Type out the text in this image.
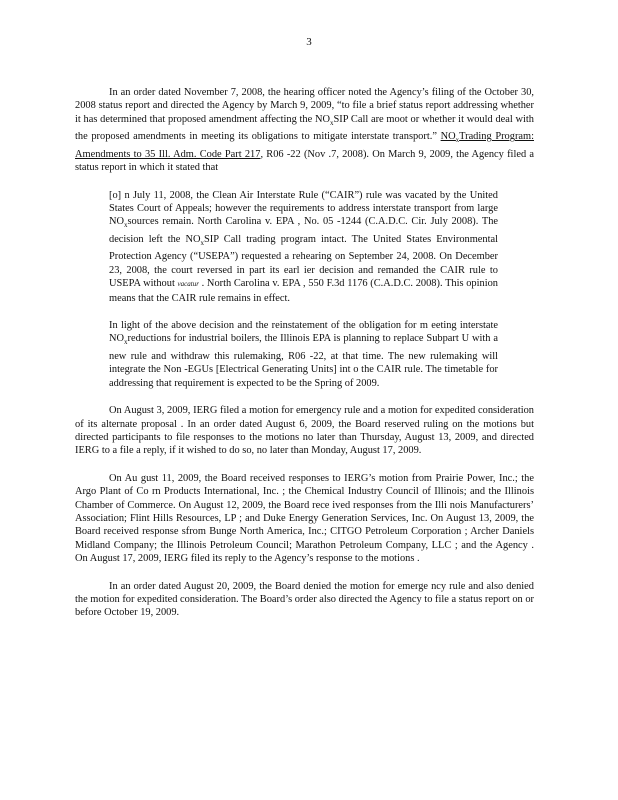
3

In an order dated November 7, 2008, the hearing officer noted the Agency’s filing of the October 30, 2008 status report and directed the Agency by March 9, 2009, “to file a brief status report addressing whether it has determined that proposed amendment affecting the $NO_xSIP$ Call are moot or whether it would deal with the proposed amendments in meeting its obligations to mitigate interstate transport.” $NO_xTrading$ Program: Amendments to 35 Ill. Adm. Code Part 217, R06 -22 (Nov .7, 2008). On March 9, 2009, the Agency filed a status report in which it stated that

[o] n July 11, 2008, the Clean Air Interstate Rule (“CAIR”) rule was vacated by the United States Court of Appeals; however the requirements to address interstate transport from large $NO_xsources$ remain. North Carolina v. EPA , No. 05 -1244 (C.A.D.C. Cir. July 2008). The decision left the $NO_xSIP$ Call trading program intact. The United States Environmental Protection Agency (“USEPA”) requested a rehearing on September 24, 2008. On December 23, 2008, the court reversed in part its earl ier decision and remanded the CAIR rule to USEPA without vacatur . North Carolina v. EPA , 550 F.3d 1176 (C.A.D.C. 2008). This opinion means that the CAIR rule remains in effect.

In light of the above decision and the reinstatement of the obligation for m eeting interstate $NO_xreductions$ for industrial boilers, the Illinois EPA is planning to replace Subpart U with a new rule and withdraw this rulemaking, R06 -22, at that time. The new rulemaking will integrate the Non -EGUs [Electrical Generating Units] int o the CAIR rule. The timetable for addressing that requirement is expected to be the Spring of 2009.

On August 3, 2009, IERG filed a motion for emergency rule and a motion for expedited consideration of its alternate proposal . In an order dated August 6, 2009, the Board reserved ruling on the motions but directed participants to file responses to the motions no later than Thursday, August 13, 2009, and directed IERG to a file a reply, if it wished to do so, no later than Monday, August 17, 2009.

On Au gust 11, 2009, the Board received responses to IERG’s motion from Prairie Power, Inc.; the Argo Plant of Co rn Products International, Inc. ; the Chemical Industry Council of Illinois; and the Illinois Chamber of Commerce. On August 12, 2009, the Board rece ived responses from the Illi nois Manufacturers’ Association; Flint Hills Resources, LP ; and Duke Energy Generation Services, Inc. On August 13, 2009, the Board received response sfrom Bunge North America, Inc.; CITGO Petroleum Corporation ; Archer Daniels Midland Company; the Illinois Petroleum Council; Marathon Petroleum Company, LLC ; and the Agency . On August 17, 2009, IERG filed its reply to the Agency’s response to the motions .

In an order dated August 20, 2009, the Board denied the motion for emerge ncy rule and also denied the motion for expedited consideration. The Board’s order also directed the Agency to file a status report on or before October 19, 2009.
